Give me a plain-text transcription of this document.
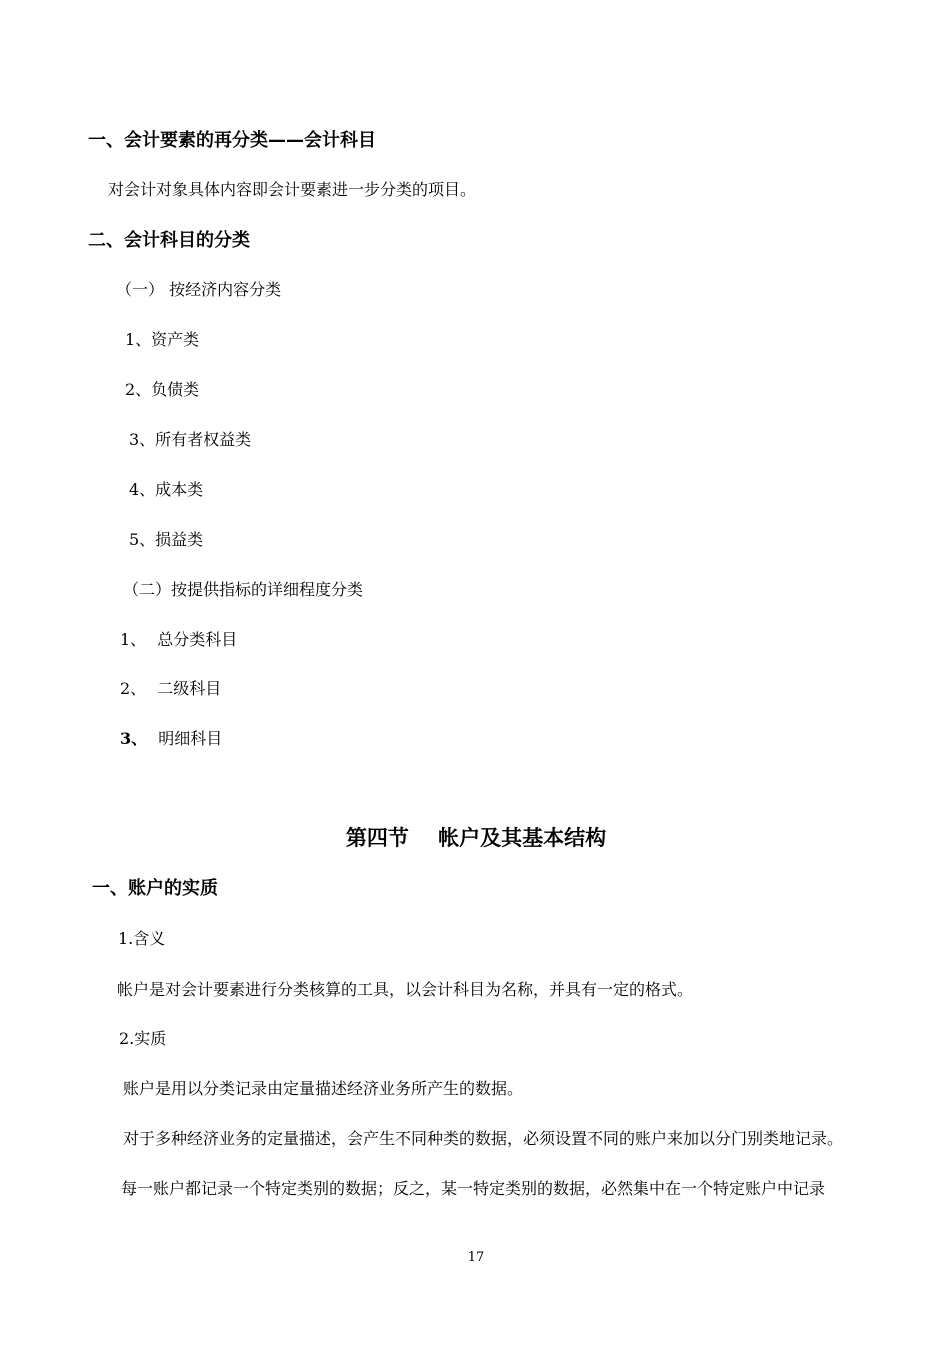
一、会计要素的再分类——会计科目
对会计对象具体内容即会计要素进一步分类的项目。
二、会计科目的分类
（一） 按经济内容分类
1、资产类
2、负债类
3、所有者权益类
4、成本类
5、损益类
（二）按提供指标的详细程度分类
1、 总分类科目
2、 二级科目
3、 明细科目
第四节    帐户及其基本结构
一、账户的实质
1.含义
帐户是对会计要素进行分类核算的工具，以会计科目为名称，并具有一定的格式。
2.实质
账户是用以分类记录由定量描述经济业务所产生的数据。
对于多种经济业务的定量描述，会产生不同种类的数据，必须设置不同的账户来加以分门别类地记录。
每一账户都记录一个特定类别的数据；反之，某一特定类别的数据，必然集中在一个特定账户中记录
17
